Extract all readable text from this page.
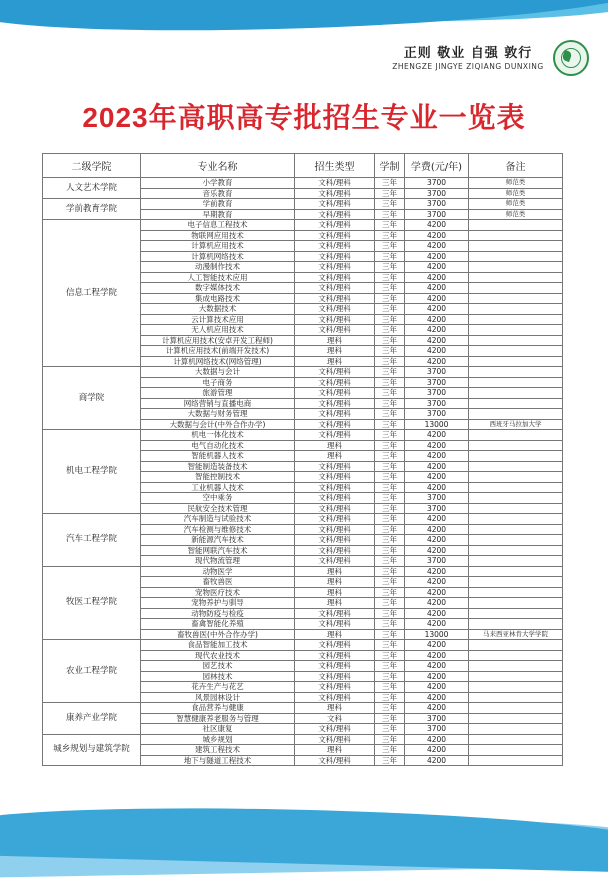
正则 敬业 自强 敦行
ZHENGZE JINGYE ZIQIANG DUNXING
2023年高职高专批招生专业一览表
二级学院	专业名称	招生类型	学制	学费(元/年)	备注
人文艺术学院	小学教育	文科/理科	三年	3700	师范类
	音乐教育	文科/理科	三年	3700	师范类
学前教育学院	学前教育	文科/理科	三年	3700	师范类
	早期教育	文科/理科	三年	3700	师范类
信息工程学院	电子信息工程技术	文科/理科	三年	4200	
	物联网应用技术	文科/理科	三年	4200	
	计算机应用技术	文科/理科	三年	4200	
	计算机网络技术	文科/理科	三年	4200	
	动漫制作技术	文科/理科	三年	4200	
	人工智能技术应用	文科/理科	三年	4200	
	数字媒体技术	文科/理科	三年	4200	
	集成电路技术	文科/理科	三年	4200	
	大数据技术	文科/理科	三年	4200	
	云计算技术应用	文科/理科	三年	4200	
	无人机应用技术	文科/理科	三年	4200	
	计算机应用技术(安卓开发工程师)	理科	三年	4200	
	计算机应用技术(前端开发技术)	理科	三年	4200	
	计算机网络技术(网络管理)	理科	三年	4200	
商学院	大数据与会计	文科/理科	三年	3700	
	电子商务	文科/理科	三年	3700	
	旅游管理	文科/理科	三年	3700	
	网络营销与直播电商	文科/理科	三年	3700	
	大数据与财务管理	文科/理科	三年	3700	
	大数据与会计(中外合作办学)	文科/理科	三年	13000	西班牙马拉加大学
机电工程学院	机电一体化技术	文科/理科	三年	4200	
	电气自动化技术	理科	三年	4200	
	智能机器人技术	理科	三年	4200	
	智能制造装备技术	文科/理科	三年	4200	
	智能控制技术	文科/理科	三年	4200	
	工业机器人技术	文科/理科	三年	4200	
	空中乘务	文科/理科	三年	3700	
	民航安全技术管理	文科/理科	三年	3700	
汽车工程学院	汽车制造与试验技术	文科/理科	三年	4200	
	汽车检测与维修技术	文科/理科	三年	4200	
	新能源汽车技术	文科/理科	三年	4200	
	智能网联汽车技术	文科/理科	三年	4200	
	现代物流管理	文科/理科	三年	3700	
牧医工程学院	动物医学	理科	三年	4200	
	畜牧兽医	理科	三年	4200	
	宠物医疗技术	理科	三年	4200	
	宠物养护与驯导	理科	三年	4200	
	动物防疫与检疫	文科/理科	三年	4200	
	畜禽智能化养殖	文科/理科	三年	4200	
	畜牧兽医(中外合作办学)	理科	三年	13000	马来西亚林肯大学学院
农业工程学院	食品智能加工技术	文科/理科	三年	4200	
	现代农业技术	文科/理科	三年	4200	
	园艺技术	文科/理科	三年	4200	
	园林技术	文科/理科	三年	4200	
	花卉生产与花艺	文科/理科	三年	4200	
	风景园林设计	文科/理科	三年	4200	
康养产业学院	食品营养与健康	理科	三年	4200	
	智慧健康养老服务与管理	文科	三年	3700	
	社区康复	文科/理科	三年	3700	
城乡规划与建筑学院	城乡规划	文科/理科	三年	4200	
	建筑工程技术	理科	三年	4200	
	地下与隧道工程技术	文科/理科	三年	4200	
